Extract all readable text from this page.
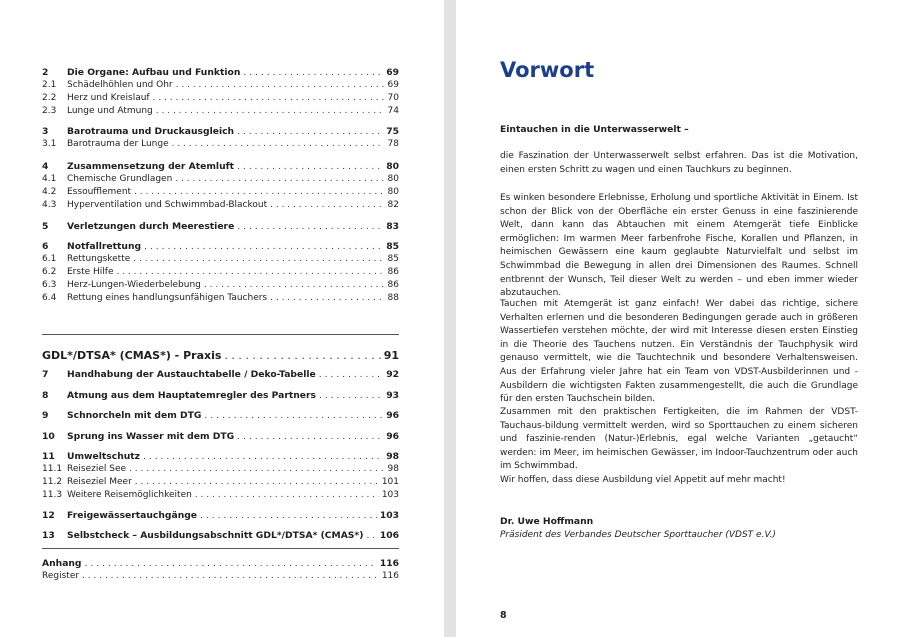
2	Die Organe: Aufbau und Funktion . . .	69
2.1	Schädelhöhlen und Ohr . . .	69
2.2	Herz und Kreislauf . . .	70
2.3	Lunge und Atmung . . .	74
3	Barotrauma und Druckausgleich . . .	75
3.1	Barotrauma der Lunge . . .	78
4	Zusammensetzung der Atemluft . . .	80
4.1	Chemische Grundlagen . . .	80
4.2	Essoufflement . . .	80
4.3	Hyperventilation und Schwimmbad-Blackout . . .	82
5	Verletzungen durch Meerestiere . . .	83
6	Notfallrettung . . .	85
6.1	Rettungskette . . .	85
6.2	Erste Hilfe . . .	86
6.3	Herz-Lungen-Wiederbelebung . . .	86
6.4	Rettung eines handlungsunfähigen Tauchers . . .	88
GDL*/DTSA* (CMAS*) - Praxis . . .	91
7	Handhabung der Austauchtabelle / Deko-Tabelle . . .	92
8	Atmung aus dem Hauptatemregler des Partners . . .	93
9	Schnorcheln mit dem DTG . . .	96
10	Sprung ins Wasser mit dem DTG . . .	96
11	Umweltschutz . . .	98
11.1 Reiseziel See . . .	98
11.2 Reiseziel Meer . . .	101
11.3 Weitere Reisemöglichkeiten . . .	103
12	Freigewässertauchgänge . . .	103
13	Selbstcheck – Ausbildungsabschnitt GDL*/DTSA* (CMAS*) . . . 106
Anhang . . .	116
Register . . .	116
Vorwort
Eintauchen in die Unterwasserwelt –
die Faszination der Unterwasserwelt selbst erfahren. Das ist die Motivation, einen ersten Schritt zu wagen und einen Tauchkurs zu beginnen.
Es winken besondere Erlebnisse, Erholung und sportliche Aktivität in Einem. Ist schon der Blick von der Oberfläche ein erster Genuss in eine faszinierende Welt, dann kann das Abtauchen mit einem Atemgerät tiefe Einblicke ermöglichen: Im warmen Meer farbenfrohe Fische, Korallen und Pflanzen, in heimischen Gewässern eine kaum geglaubte Naturvielfalt und selbst im Schwimmbad die Bewegung in allen drei Dimensionen des Raumes. Schnell entbrennt der Wunsch, Teil dieser Welt zu werden – und eben immer wieder abzutauchen.
Tauchen mit Atemgerät ist ganz einfach! Wer dabei das richtige, sichere Verhalten erlernen und die besonderen Bedingungen gerade auch in größeren Wassertiefen verstehen möchte, der wird mit Interesse diesen ersten Einstieg in die Theorie des Tauchens nutzen. Ein Verständnis der Tauchphysik wird genauso vermittelt, wie die Tauchtechnik und besondere Verhaltensweisen. Aus der Erfahrung vieler Jahre hat ein Team von VDST-Ausbilderinnen und -Ausbildern die wichtigsten Fakten zusammengestellt, die auch die Grundlage für den ersten Tauchschein bilden.
Zusammen mit den praktischen Fertigkeiten, die im Rahmen der VDST-Tauchaus-bildung vermittelt werden, wird so Sporttauchen zu einem sicheren und faszinie-renden (Natur-)Erlebnis, egal welche Varianten „getaucht“ werden: im Meer, im heimischen Gewässer, im Indoor-Tauchzentrum oder auch im Schwimmbad.
Wir hoffen, dass diese Ausbildung viel Appetit auf mehr macht!
Dr. Uwe Hoffmann
Präsident des Verbandes Deutscher Sporttaucher (VDST e.V.)
8
